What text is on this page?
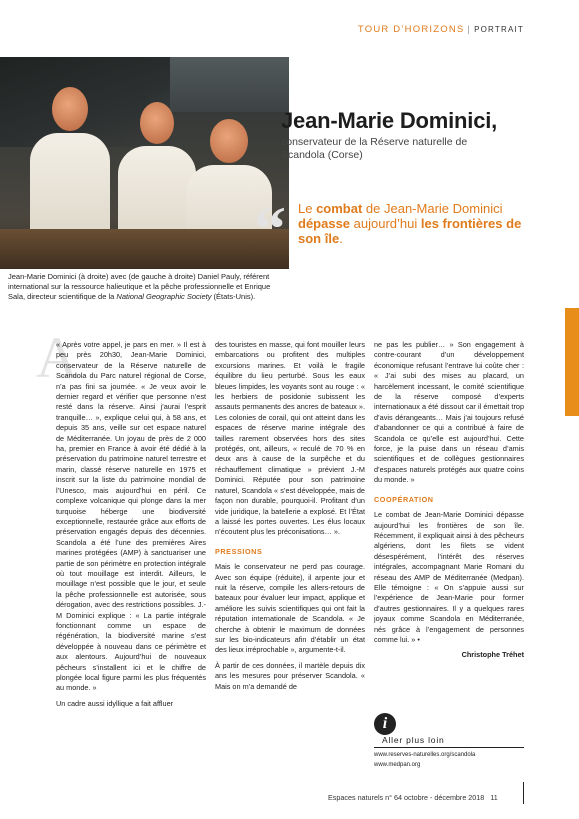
TOUR D’HORIZONS | PORTRAIT
Jean-Marie Dominici,
conservateur de la Réserve naturelle de Scandola (Corse)
“ Le combat de Jean-Marie Dominici dépasse aujourd’hui les frontières de son île.
Jean-Marie Dominici (à droite) avec (de gauche à droite) Daniel Pauly, référent international sur la ressource halieutique et la pêche professionnelle et Enrique Sala, directeur scientifique de la National Geographic Society (États-Unis).
A

« Après votre appel, je pars en mer. » Il est à peu près 20h30, Jean-Marie Dominici, conservateur de la Réserve naturelle de Scandola du Parc naturel régional de Corse, n’a pas fini sa journée. « Je veux avoir le dernier regard et vérifier que personne n’est resté dans la réserve. Ainsi j’aurai l’esprit tranquille… », explique celui qui, à 58 ans, et depuis 35 ans, veille sur cet espace naturel de Méditerranée. Un joyau de près de 2 000 ha, premier en France à avoir été dédié à la préservation du patrimoine naturel terrestre et marin, classé réserve naturelle en 1975 et inscrit sur la liste du patrimoine mondial de l’Unesco, mais aujourd’hui en péril. Ce complexe volcanique qui plonge dans la mer turquoise héberge une biodiversité exceptionnelle, restaurée grâce aux efforts de préservation engagés depuis des décennies. Scandola a été l’une des premières Aires marines protégées (AMP) à sanctuariser une partie de son périmètre en protection intégrale où tout mouillage est interdit. Ailleurs, le mouillage n’est possible que le jour, et seule la pêche professionnelle est autorisée, sous dérogation, avec des restrictions possibles. J.-M Dominici explique : « La partie intégrale fonctionnant comme un espace de régénération, la biodiversité marine s’est développée à nouveau dans ce périmètre et aux alentours. Aujourd’hui de nouveaux pêcheurs s’installent ici et le chiffre de plongée local figure parmi les plus fréquentés au monde. »

Un cadre aussi idyllique a fait affluer

des touristes en masse, qui font mouiller leurs embarcations ou profitent des multiples excursions marines. Et voilà le fragile équilibre du lieu perturbé. Sous les eaux bleues limpides, les voyants sont au rouge : « les herbiers de posidonie subissent les assauts permanents des ancres de bateaux ». Les colonies de corail, qui ont atteint dans les espaces de réserve marine intégrale des tailles rarement observées hors des sites protégés, ont, ailleurs, « reculé de 70 % en deux ans à cause de la surpêche et du réchauffement climatique » prévient J.-M Dominici. Réputée pour son patrimoine naturel, Scandola « s’est développée, mais de façon non durable, pourquoi-il. Profitant d’un vide juridique, la batellerie a explosé. Et l’État a laissé les portes ouvertes. Les élus locaux n’écoutent plus les préconisations… ».

PRESSIONS

Mais le conservateur ne perd pas courage. Avec son équipe (réduite), il arpente jour et nuit la réserve, compile les allers-retours de bateaux pour évaluer leur impact, applique et améliore les suivis scientifiques qui ont fait la réputation internationale de Scandola. « Je cherche à obtenir le maximum de données sur les bio-indicateurs afin d’établir un état des lieux irréprochable », argumente-t-il.

À partir de ces données, il martèle depuis dix ans les mesures pour préserver Scandola. « Mais on m’a demandé de

ne pas les publier… » Son engagement à contre-courant d’un développement économique refusant l’entrave lui coûte cher : « J’ai subi des mises au placard, un harcèlement incessant, le comité scientifique de la réserve composé d’experts internationaux a été dissout car il émettait trop d’avis dérangeants… Mais j’ai toujours refusé d’abandonner ce qui a contribué à faire de Scandola ce qu’elle est aujourd’hui. Cette force, je la puise dans un réseau d’amis scientifiques et de collègues gestionnaires d’espaces naturels protégés aux quatre coins du monde. »

COOPÉRATION

Le combat de Jean-Marie Dominici dépasse aujourd’hui les frontières de son île. Récemment, il expliquait ainsi à des pêcheurs algériens, dont les filets se vident désespérément, l’intérêt des réserves intégrales, accompagnant Marie Romani du réseau des AMP de Méditerranée (Medpan). Elle témoigne : « On s’appuie aussi sur l’expérience de Jean-Marie pour former d’autres gestionnaires. Il y a quelques rares joyaux comme Scandola en Méditerranée, nés grâce à l’engagement de personnes comme lui. » •

Christophe Tréhet
i
Aller plus loin
www.reserves-naturelles.org/scandola
www.medpan.org
Espaces naturels n° 64 octobre - décembre 2018 11
